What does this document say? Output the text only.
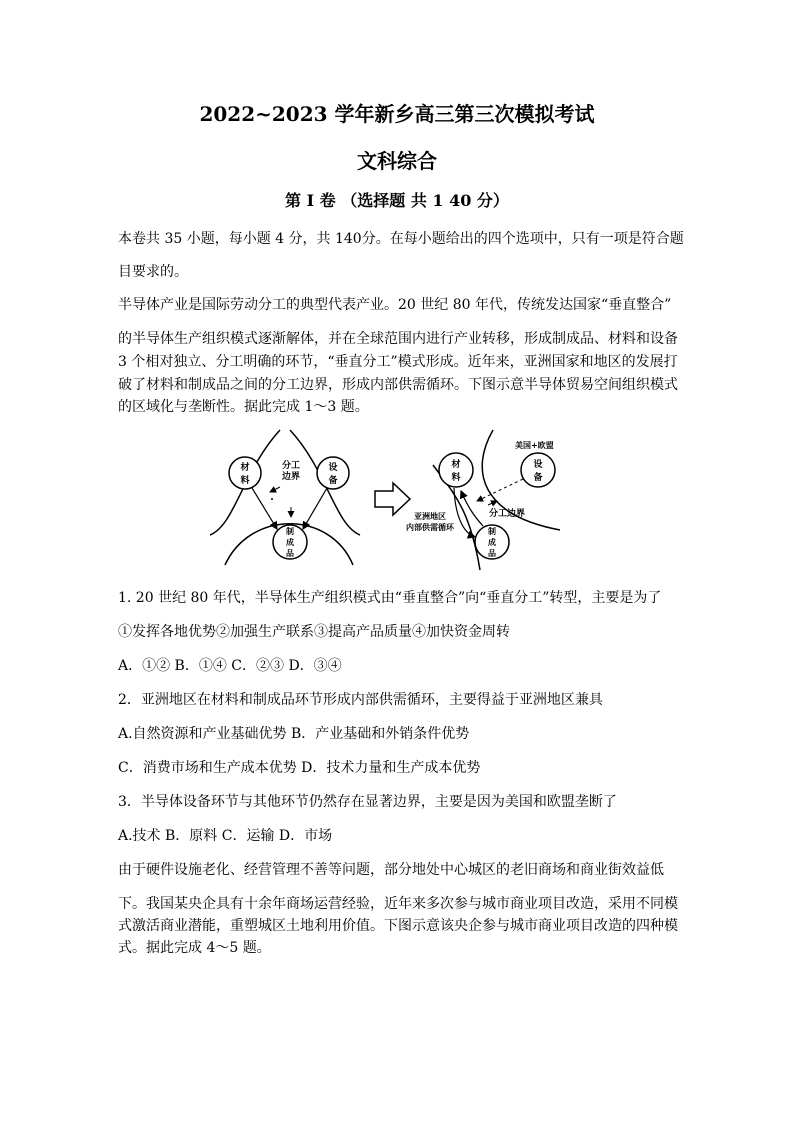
2022~2023 学年新乡高三第三次模拟考试
文科综合
第 I 卷 （选择题 共 1 40 分）
本卷共 35 小题，每小题 4 分，共 140分。在每小题给出的四个选项中，只有一项是符合题
目要求的。
半导体产业是国际劳动分工的典型代表产业。20 世纪 80 年代，传统发达国家“垂直整合”
的半导体生产组织模式逐渐解体，并在全球范围内进行产业转移，形成制成品、材料和设备
3 个相对独立、分工明确的环节，“垂直分工”模式形成。近年来，亚洲国家和地区的发展打
破了材料和制成品之间的分工边界，形成内部供需循环。下图示意半导体贸易空间组织模式
的区域化与垄断性。据此完成 1～3 题。
材
料
设
备
制
成
品
分工
边界
美国+欧盟
材
料
设
备
制
成
品
分工边界
亚洲地区
内部供需循环
1. 20 世纪 80 年代，半导体生产组织模式由“垂直整合”向“垂直分工”转型，主要是为了
①发挥各地优势②加强生产联系③提高产品质量④加快资金周转
A．①② B．①④ C．②③ D．③④
2．亚洲地区在材料和制成品环节形成内部供需循环，主要得益于亚洲地区兼具
A.自然资源和产业基础优势 B．产业基础和外销条件优势
C．消费市场和生产成本优势 D．技术力量和生产成本优势
3．半导体设备环节与其他环节仍然存在显著边界，主要是因为美国和欧盟垄断了
A.技术 B．原料 C．运输 D．市场
由于硬件设施老化、经营管理不善等问题，部分地处中心城区的老旧商场和商业街效益低
下。我国某央企具有十余年商场运营经验，近年来多次参与城市商业项目改造，采用不同模
式激活商业潜能，重塑城区土地利用价值。下图示意该央企参与城市商业项目改造的四种模
式。据此完成 4～5 题。
